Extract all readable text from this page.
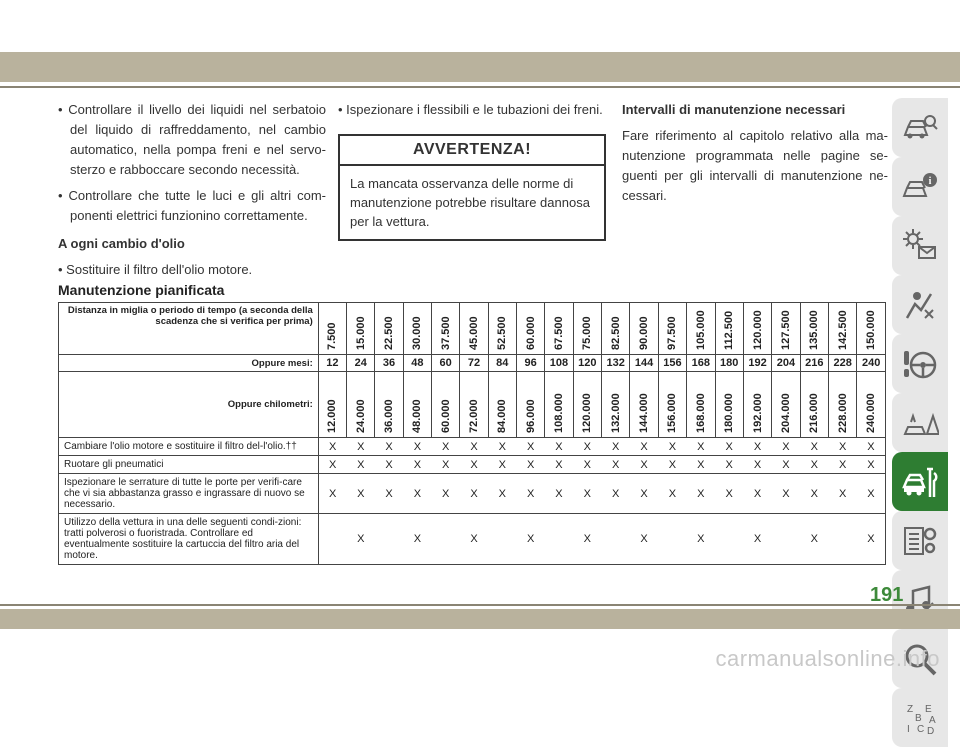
• Controllare il livello dei liquidi nel serbatoio del liquido di raffreddamento, nel cambio automatico, nella pompa freni e nel servo-sterzo e rabboccare secondo necessità.
• Controllare che tutte le luci e gli altri com-ponenti elettrici funzionino correttamente.
A ogni cambio d'olio
• Sostituire il filtro dell'olio motore.
• Ispezionare i flessibili e le tubazioni dei freni.
AVVERTENZA!
La mancata osservanza delle norme di manutenzione potrebbe risultare dannosa per la vettura.
Intervalli di manutenzione necessari
Fare riferimento al capitolo relativo alla ma-nutenzione programmata nelle pagine se-guenti per gli intervalli di manutenzione ne-cessari.
Manutenzione pianificata
Distanza in miglia o periodo di tempo (a seconda della scadenza che si verifica per prima)	7.500	15.000	22.500	30.000	37.500	45.000	52.500	60.000	67.500	75.000	82.500	90.000	97.500	105.000	112.500	120.000	127.500	135.000	142.500	150.000

Oppure mesi:	12	24	36	48	60	72	84	96	108	120	132	144	156	168	180	192	204	216	228	240
Oppure chilometri:	12.000	24.000	36.000	48.000	60.000	72.000	84.000	96.000	108.000	120.000	132.000	144.000	156.000	168.000	180.000	192.000	204.000	216.000	228.000	240.000

Cambiare l'olio motore e sostituire il filtro del-l'olio.††	X	X	X	X	X	X	X	X	X	X	X	X	X	X	X	X	X	X	X	X
Ruotare gli pneumatici	X	X	X	X	X	X	X	X	X	X	X	X	X	X	X	X	X	X	X	X
Ispezionare le serrature di tutte le porte per verifi-care che vi sia abbastanza grasso e ingrassare di nuovo se necessario.	X	X	X	X	X	X	X	X	X	X	X	X	X	X	X	X	X	X	X	X
Utilizzo della vettura in una delle seguenti condi-zioni: tratti polverosi o fuoristrada. Controllare ed eventualmente sostituire la cartuccia del filtro aria del motore.		X		X		X		X		X		X		X		X		X		X
i
Z E
B A
I C D
191
carmanualsonline.info
